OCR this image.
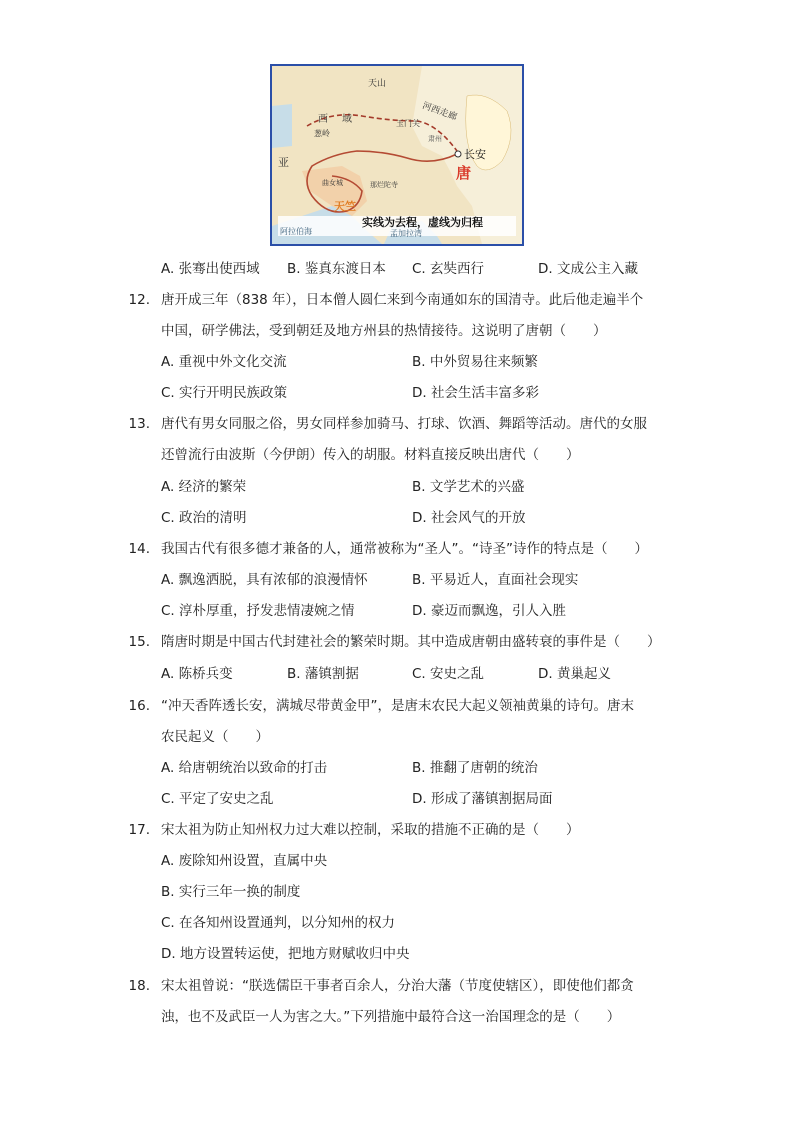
天山
西域
葱岭
玉门关
河西走廊
肃州
长安
唐
亚
曲女城	那烂陀寺
天竺
阿拉伯海	孟加拉湾
实线为去程，虚线为归程
A. 张骞出使西域 B. 鉴真东渡日本 C. 玄奘西行	D. 文成公主入藏
12. 唐开成三年（838 年），日本僧人圆仁来到今南通如东的国清寺。此后他走遍半个
中国，研学佛法，受到朝廷及地方州县的热情接待。这说明了唐朝（　　）
A. 重视中外文化交流	B. 中外贸易往来频繁
C. 实行开明民族政策	D. 社会生活丰富多彩
13. 唐代有男女同服之俗，男女同样参加骑马、打球、饮酒、舞蹈等活动。唐代的女服
还曾流行由波斯（今伊朗）传入的胡服。材料直接反映出唐代（　　）
A. 经济的繁荣	B. 文学艺术的兴盛
C. 政治的清明	D. 社会风气的开放
14. 我国古代有很多德才兼备的人，通常被称为“圣人”。“诗圣”诗作的特点是（　　）
A. 飘逸洒脱，具有浓郁的浪漫情怀	B. 平易近人，直面社会现实
C. 淳朴厚重，抒发悲情凄婉之情	D. 豪迈而飘逸，引人入胜
15. 隋唐时期是中国古代封建社会的繁荣时期。其中造成唐朝由盛转衰的事件是（　　）
A. 陈桥兵变	B. 藩镇割据	C. 安史之乱	D. 黄巢起义
16. “冲天香阵透长安，满城尽带黄金甲”，是唐末农民大起义领袖黄巢的诗句。唐末
农民起义（　　）
A. 给唐朝统治以致命的打击	B. 推翻了唐朝的统治
C. 平定了安史之乱	D. 形成了藩镇割据局面
17. 宋太祖为防止知州权力过大难以控制，采取的措施不正确的是（　　）
A. 废除知州设置，直属中央
B. 实行三年一换的制度
C. 在各知州设置通判，以分知州的权力
D. 地方设置转运使，把地方财赋收归中央
18. 宋太祖曾说：“朕选儒臣干事者百余人，分治大藩（节度使辖区），即使他们都贪
浊，也不及武臣一人为害之大。”下列措施中最符合这一治国理念的是（　　）
